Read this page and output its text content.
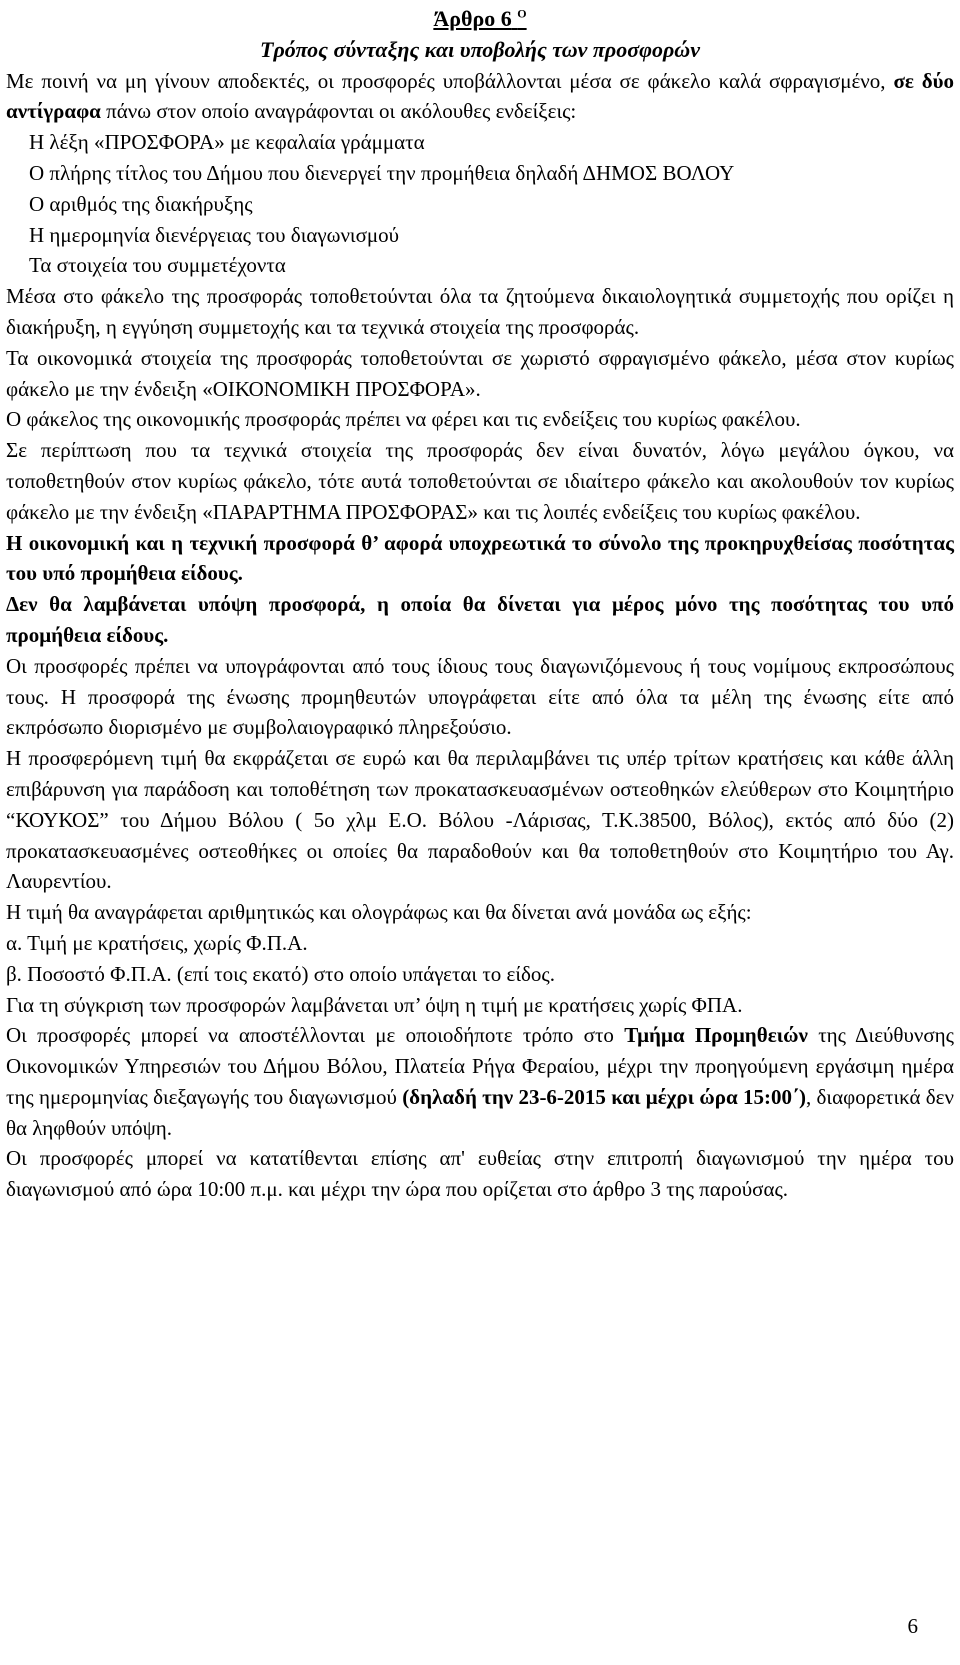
Άρθρο 6 $^O$

Τρόπος σύνταξης και υποβολής των προσφορών

Με ποινή να μη γίνουν αποδεκτές, οι προσφορές υποβάλλονται μέσα σε φάκελο καλά σφραγισμένο, σε δύο αντίγραφα πάνω στον οποίο αναγράφονται οι ακόλουθες ενδείξεις:

Η λέξη «ΠΡΟΣΦΟΡΑ» με κεφαλαία γράμματα

Ο πλήρης τίτλος του Δήμου που διενεργεί την προμήθεια δηλαδή ΔΗΜΟΣ ΒΟΛΟΥ

Ο αριθμός της διακήρυξης

Η ημερομηνία διενέργειας του διαγωνισμού

Τα στοιχεία του συμμετέχοντα

Μέσα στο φάκελο της προσφοράς τοποθετούνται όλα τα ζητούμενα δικαιολογητικά συμμετοχής που ορίζει η διακήρυξη, η εγγύηση συμμετοχής και τα τεχνικά στοιχεία της προσφοράς.

Τα οικονομικά στοιχεία της προσφοράς τοποθετούνται σε χωριστό σφραγισμένο φάκελο, μέσα στον κυρίως φάκελο με την ένδειξη «ΟΙΚΟΝΟΜΙΚΗ ΠΡΟΣΦΟΡΑ».

Ο φάκελος της οικονομικής προσφοράς πρέπει να φέρει και τις ενδείξεις του κυρίως φακέλου.

Σε περίπτωση που τα τεχνικά στοιχεία της προσφοράς δεν είναι δυνατόν, λόγω μεγάλου όγκου, να τοποθετηθούν στον κυρίως φάκελο, τότε αυτά τοποθετούνται σε ιδιαίτερο φάκελο και ακολουθούν τον κυρίως φάκελο με την ένδειξη «ΠΑΡΑΡΤΗΜΑ ΠΡΟΣΦΟΡΑΣ» και τις λοιπές ενδείξεις του κυρίως φακέλου.

Η οικονομική και η τεχνική προσφορά θ’ αφορά υποχρεωτικά το σύνολο της προκηρυχθείσας ποσότητας του υπό προμήθεια είδους.

Δεν θα λαμβάνεται υπόψη προσφορά, η οποία θα δίνεται για μέρος μόνο της ποσότητας του υπό προμήθεια είδους.

Οι προσφορές πρέπει να υπογράφονται από τους ίδιους τους διαγωνιζόμενους ή τους νομίμους εκπροσώπους τους. Η προσφορά της ένωσης προμηθευτών υπογράφεται είτε από όλα τα μέλη της ένωσης είτε από εκπρόσωπο διορισμένο με συμβολαιογραφικό πληρεξούσιο.

Η προσφερόμενη τιμή θα εκφράζεται σε ευρώ και θα περιλαμβάνει τις υπέρ τρίτων κρατήσεις και κάθε άλλη επιβάρυνση για παράδοση και τοποθέτηση των προκατασκευασμένων οστεοθηκών ελεύθερων στο Κοιμητήριο “ΚΟΥΚΟΣ” του Δήμου Βόλου ( 5ο χλμ Ε.Ο. Βόλου -Λάρισας, Τ.Κ.38500, Βόλος), εκτός από δύο (2) προκατασκευασμένες οστεοθήκες οι οποίες θα παραδοθούν και θα τοποθετηθούν στο Κοιμητήριο του Αγ. Λαυρεντίου.

Η τιμή θα αναγράφεται αριθμητικώς και ολογράφως και θα δίνεται ανά μονάδα ως εξής:

α. Τιμή με κρατήσεις, χωρίς Φ.Π.Α.

β. Ποσοστό Φ.Π.Α. (επί τοις εκατό) στο οποίο υπάγεται το είδος.

Για τη σύγκριση των προσφορών λαμβάνεται υπ’ όψη η τιμή με κρατήσεις χωρίς ΦΠΑ.

Οι προσφορές μπορεί να αποστέλλονται με οποιοδήποτε τρόπο στο Τμήμα Προμηθειών της Διεύθυνσης Οικονομικών Υπηρεσιών του Δήμου Βόλου, Πλατεία Ρήγα Φεραίου, μέχρι την προηγούμενη εργάσιμη ημέρα της ημερομηνίας διεξαγωγής του διαγωνισμού (δηλαδή την 23-6-2015 και μέχρι ώρα 15:00΄), διαφορετικά δεν θα ληφθούν υπόψη.

Οι προσφορές μπορεί να κατατίθενται επίσης απ' ευθείας στην επιτροπή διαγωνισμού την ημέρα του διαγωνισμού από ώρα 10:00 π.μ. και μέχρι την ώρα που ορίζεται στο άρθρο 3 της παρούσας.

6
